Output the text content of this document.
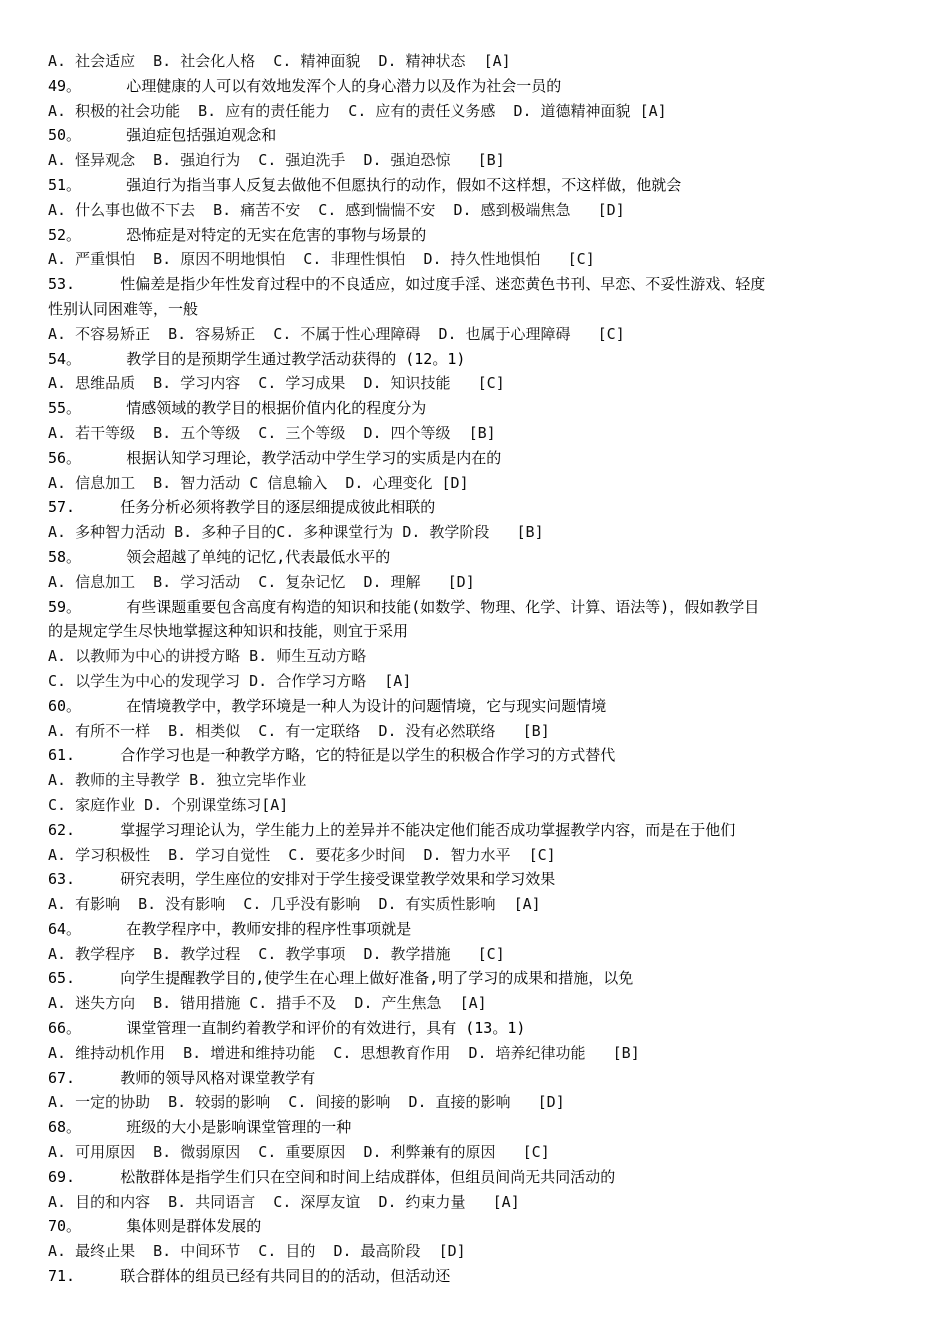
A. 社会适应  B. 社会化人格  C. 精神面貌  D. 精神状态  [A]
49。     心理健康的人可以有效地发浑个人的身心潜力以及作为社会一员的
A. 积极的社会功能  B. 应有的责任能力  C. 应有的责任义务感  D. 道德精神面貌 [A]
50。     强迫症包括强迫观念和
A. 怪异观念  B. 强迫行为  C. 强迫洗手  D. 强迫恐惊   [B]
51。     强迫行为指当事人反复去做他不但愿执行的动作，假如不这样想，不这样做，他就会
A. 什么事也做不下去  B. 痛苦不安  C. 感到惴惴不安  D. 感到极端焦急   [D]
52。     恐怖症是对特定的无实在危害的事物与场景的
A. 严重惧怕  B. 原因不明地惧怕  C. 非理性惧怕  D. 持久性地惧怕   [C]
53.     性偏差是指少年性发育过程中的不良适应，如过度手淫、迷恋黄色书刊、早恋、不妥性游戏、轻度
性别认同困难等，一般
A. 不容易矫正  B. 容易矫正  C. 不属于性心理障碍  D. 也属于心理障碍   [C]
54。     教学目的是预期学生通过教学活动获得的 (12。1)
A. 思维品质  B. 学习内容  C. 学习成果  D. 知识技能   [C]
55。     情感领域的教学目的根据价值内化的程度分为
A. 若干等级  B. 五个等级  C. 三个等级  D. 四个等级  [B]
56。     根据认知学习理论，教学活动中学生学习的实质是内在的
A. 信息加工  B. 智力活动 C 信息输入  D. 心理变化 [D]
57.     任务分析必须将教学目的逐层细提成彼此相联的
A. 多种智力活动 B. 多种子目的C. 多种课堂行为 D. 教学阶段   [B]
58。     领会超越了单纯的记忆,代表最低水平的
A. 信息加工  B. 学习活动  C. 复杂记忆  D. 理解   [D]
59。     有些课题重要包含高度有构造的知识和技能(如数学、物理、化学、计算、语法等)，假如教学目
的是规定学生尽快地掌握这种知识和技能，则宜于采用
A. 以教师为中心的讲授方略 B. 师生互动方略
C. 以学生为中心的发现学习 D. 合作学习方略  [A]
60。     在情境教学中，教学环境是一种人为设计的问题情境，它与现实问题情境
A. 有所不一样  B. 相类似  C. 有一定联络  D. 没有必然联络   [B]
61.     合作学习也是一种教学方略，它的特征是以学生的积极合作学习的方式替代
A. 教师的主导教学 B. 独立完毕作业
C. 家庭作业 D. 个别课堂练习[A]
62.     掌握学习理论认为，学生能力上的差异并不能决定他们能否成功掌握教学内容，而是在于他们
A. 学习积极性  B. 学习自觉性  C. 要花多少时间  D. 智力水平  [C]
63.     研究表明，学生座位的安排对于学生接受课堂教学效果和学习效果
A. 有影响  B. 没有影响  C. 几乎没有影响  D. 有实质性影响  [A]
64。     在教学程序中，教师安排的程序性事项就是
A. 教学程序  B. 教学过程  C. 教学事项  D. 教学措施   [C]
65.     向学生提醒教学目的,使学生在心理上做好准备,明了学习的成果和措施，以免
A. 迷失方向  B. 错用措施 C. 措手不及  D. 产生焦急  [A]
66。     课堂管理一直制约着教学和评价的有效进行，具有 (13。1)
A. 维持动机作用  B. 增进和维持功能  C. 思想教育作用  D. 培养纪律功能   [B]
67.     教师的领导风格对课堂教学有
A. 一定的协助  B. 较弱的影响  C. 间接的影响  D. 直接的影响   [D]
68。     班级的大小是影响课堂管理的一种
A. 可用原因  B. 微弱原因  C. 重要原因  D. 利弊兼有的原因   [C]
69.     松散群体是指学生们只在空间和时间上结成群体，但组员间尚无共同活动的
A. 目的和内容  B. 共同语言  C. 深厚友谊  D. 约束力量   [A]
70。     集体则是群体发展的
A. 最终止果  B. 中间环节  C. 目的  D. 最高阶段  [D]
71.     联合群体的组员已经有共同目的的活动，但活动还
